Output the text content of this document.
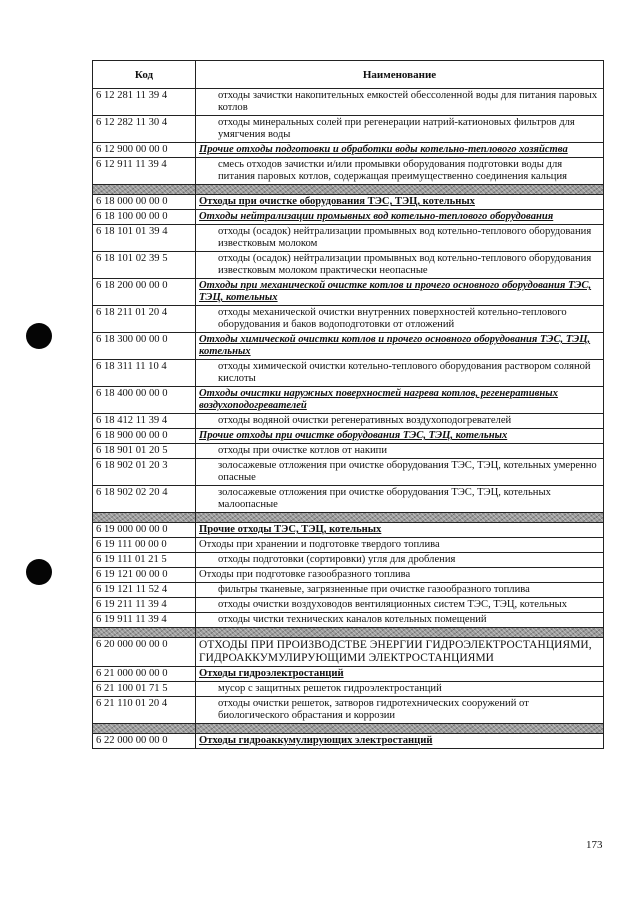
Код	Наименование
6 12 281 11 39 4	отходы зачистки накопительных емкостей обессоленной воды для питания паровых котлов
6 12 282 11 30 4	отходы минеральных солей при регенерации натрий-катионовых фильтров для умягчения воды
6 12 900 00 00 0	Прочие отходы подготовки и обработки воды котельно-теплового хозяйства
6 12 911 11 39 4	смесь отходов зачистки и/или промывки оборудования подготовки воды для питания паровых котлов, содержащая преимущественно соединения кальция

6 18 000 00 00 0	Отходы при очистке оборудования ТЭС, ТЭЦ, котельных
6 18 100 00 00 0	Отходы нейтрализации промывных вод котельно-теплового оборудования
6 18 101 01 39 4	отходы (осадок) нейтрализации промывных вод котельно-теплового оборудования известковым молоком
6 18 101 02 39 5	отходы (осадок) нейтрализации промывных вод котельно-теплового оборудования известковым молоком практически неопасные
6 18 200 00 00 0	Отходы при механической очистке котлов и прочего основного оборудования ТЭС, ТЭЦ, котельных
6 18 211 01 20 4	отходы механической очистки внутренних поверхностей котельно-теплового оборудования и баков водоподготовки от отложений
6 18 300 00 00 0	Отходы химической очистки котлов и прочего основного оборудования ТЭС, ТЭЦ, котельных
6 18 311 11 10 4	отходы химической очистки котельно-теплового оборудования раствором соляной кислоты
6 18 400 00 00 0	Отходы очистки наружных поверхностей нагрева котлов, регенеративных воздухоподогревателей
6 18 412 11 39 4	отходы водяной очистки регенеративных воздухоподогревателей
6 18 900 00 00 0	Прочие отходы при очистке оборудования ТЭС, ТЭЦ, котельных
6 18 901 01 20 5	отходы при очистке котлов от накипи
6 18 902 01 20 3	золосажевые отложения при очистке оборудования ТЭС, ТЭЦ, котельных умеренно опасные
6 18 902 02 20 4	золосажевые отложения при очистке оборудования ТЭС, ТЭЦ, котельных малоопасные

6 19 000 00 00 0	Прочие отходы ТЭС, ТЭЦ, котельных
6 19 111 00 00 0	Отходы при хранении и подготовке твердого топлива
6 19 111 01 21 5	отходы подготовки (сортировки) угля для дробления
6 19 121 00 00 0	Отходы при подготовке газообразного топлива
6 19 121 11 52 4	фильтры тканевые, загрязненные при очистке газообразного топлива
6 19 211 11 39 4	отходы очистки воздуховодов вентиляционных систем ТЭС, ТЭЦ, котельных
6 19 911 11 39 4	отходы чистки технических каналов котельных помещений

6 20 000 00 00 0	ОТХОДЫ ПРИ ПРОИЗВОДСТВЕ ЭНЕРГИИ ГИДРОЭЛЕКТРОСТАНЦИЯМИ, ГИДРОАККУМУЛИРУЮЩИМИ ЭЛЕКТРОСТАНЦИЯМИ
6 21 000 00 00 0	Отходы гидроэлектростанций
6 21 100 01 71 5	мусор с защитных решеток гидроэлектростанций
6 21 110 01 20 4	отходы очистки решеток, затворов гидротехнических сооружений от биологического обрастания и коррозии

6 22 000 00 00 0	Отходы гидроаккумулирующих электростанций
173
